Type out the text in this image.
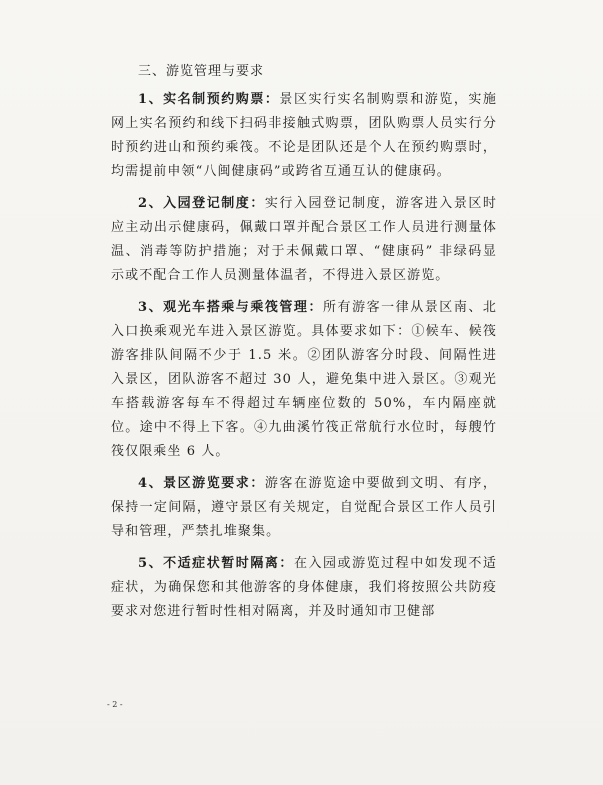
三、游览管理与要求

1、实名制预约购票：景区实行实名制购票和游览，实施网上实名预约和线下扫码非接触式购票，团队购票人员实行分时预约进山和预约乘筏。不论是团队还是个人在预约购票时，均需提前申领“八闽健康码”或跨省互通互认的健康码。

2、入园登记制度：实行入园登记制度，游客进入景区时应主动出示健康码，佩戴口罩并配合景区工作人员进行测量体温、消毒等防护措施；对于未佩戴口罩、“健康码” 非绿码显示或不配合工作人员测量体温者，不得进入景区游览。

3、观光车搭乘与乘筏管理：所有游客一律从景区南、北入口换乘观光车进入景区游览。具体要求如下：①候车、候筏游客排队间隔不少于 1.5 米。②团队游客分时段、间隔性进入景区，团队游客不超过 30 人，避免集中进入景区。③观光车搭载游客每车不得超过车辆座位数的 50%，车内隔座就位。途中不得上下客。④九曲溪竹筏正常航行水位时，每艘竹筏仅限乘坐 6 人。

4、景区游览要求：游客在游览途中要做到文明、有序，保持一定间隔，遵守景区有关规定，自觉配合景区工作人员引导和管理，严禁扎堆聚集。

5、不适症状暂时隔离：在入园或游览过程中如发现不适症状，为确保您和其他游客的身体健康，我们将按照公共防疫要求对您进行暂时性相对隔离，并及时通知市卫健部

- 2 -
